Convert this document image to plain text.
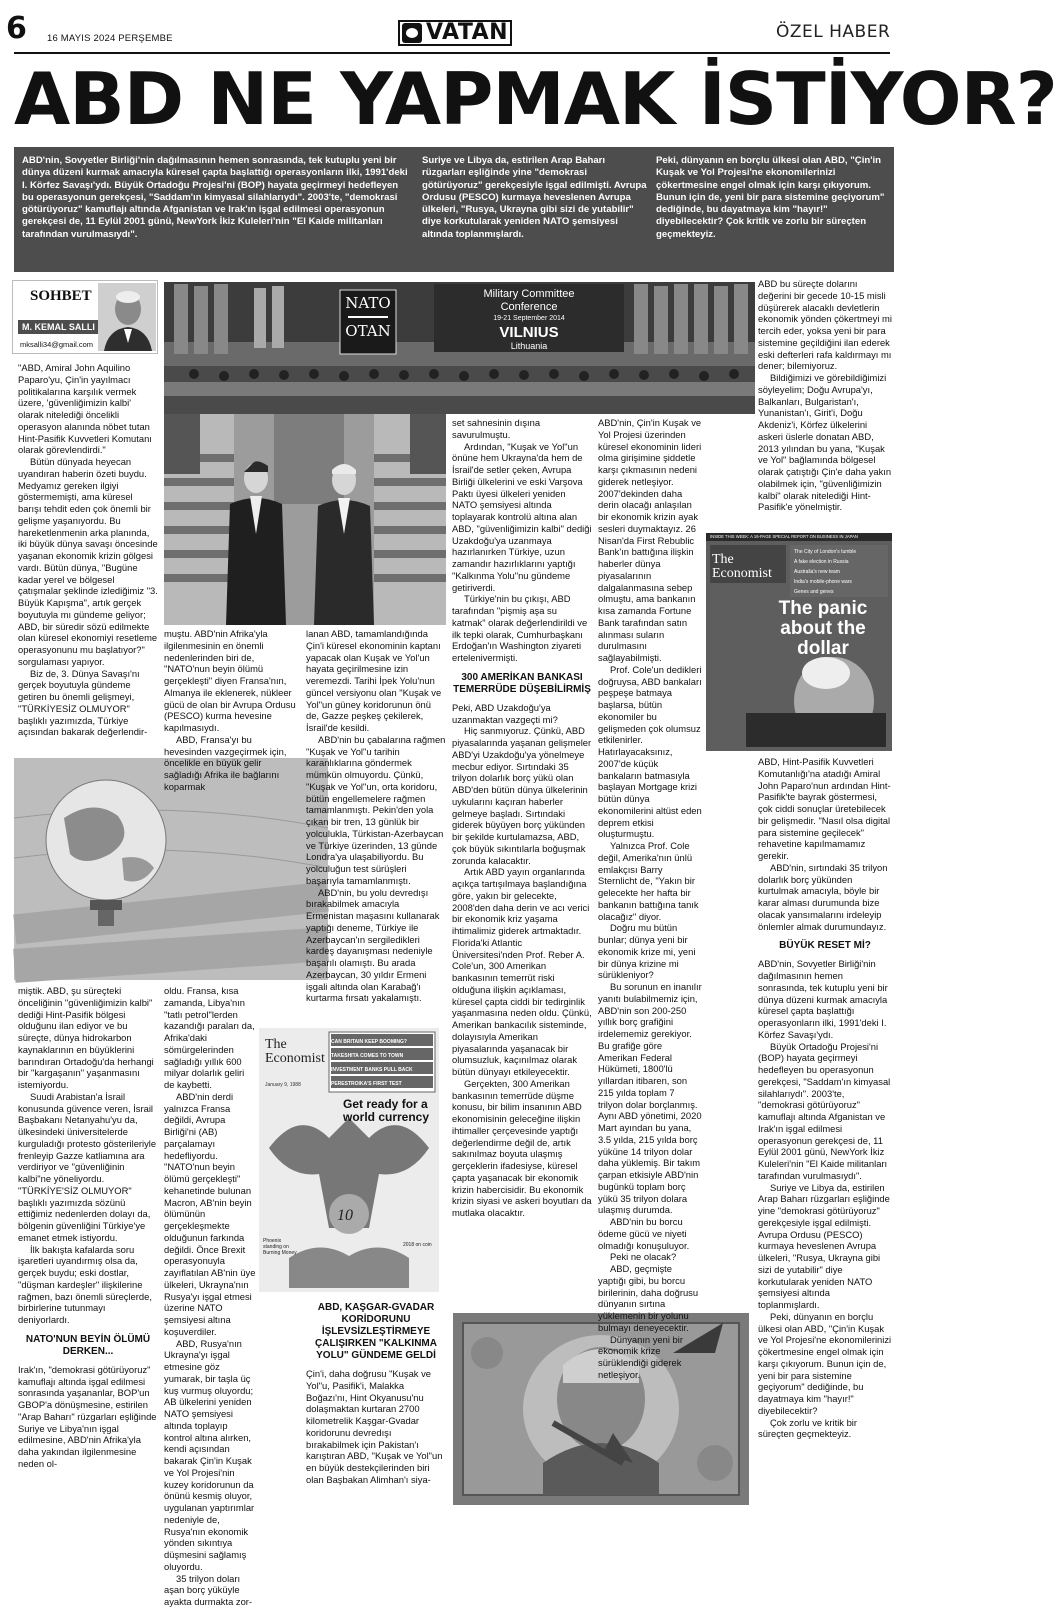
6 16 MAYIS 2024 PERŞEMBE	VATAN	ÖZEL HABER
ABD NE YAPMAK İSTİYOR?
ABD'nin, Sovyetler Birliği'nin dağılmasının hemen sonrasında, tek kutuplu yeni bir dünya düzeni kurmak amacıyla küresel çapta başlattığı operasyonların ilki, 1991'deki I. Körfez Savaşı'ydı. Büyük Ortadoğu Projesi'ni (BOP) hayata geçirmeyi hedefleyen bu operasyonun gerekçesi, "Saddam'ın kimyasal silahlarıydı". 2003'te, "demokrasi götürüyoruz" kamuflajı altında Afganistan ve Irak'ın işgal edilmesi operasyonun gerekçesi de, 11 Eylül 2001 günü, NewYork İkiz Kuleleri'nin "El Kaide militanları tarafından vurulmasıydı".
Suriye ve Libya da, estirilen Arap Baharı rüzgarları eşliğinde yine "demokrasi götürüyoruz" gerekçesiyle işgal edilmişti. Avrupa Ordusu (PESCO) kurmaya heveslenen Avrupa ülkeleri, "Rusya, Ukrayna gibi sizi de yutabilir" diye korkutularak yeniden NATO şemsiyesi altında toplanmışlardı.
Peki, dünyanın en borçlu ülkesi olan ABD, "Çin'in Kuşak ve Yol Projesi'ne ekonomilerinizi çökertmesine engel olmak için karşı çıkıyorum. Bunun için de, yeni bir para sistemine geçiyorum" dediğinde, bu dayatmaya kim "hayır!" diyebilecektir? Çok kritik ve zorlu bir süreçten geçmekteyiz.
SOHBET
M. KEMAL SALLI
mksalli34@gmail.com
NATO
OTAN
Military Committee
Conference
19-21 September 2014
VILNIUS
Lithuania
INSIDE THIS WEEK: A 16-PAGE SPECIAL REPORT ON BUSINESS IN JAPAN
The Economist
The City of London's tumble
A fake election in Russia
Australia's new team
India's mobile-phone wars
Genes and genes
The panic about the dollar
10
The Economist
January 9, 1988
CAN BRITAIN KEEP BOOMING?
TAKESHITA COMES TO TOWN
INVESTMENT BANKS PULL BACK
PERESTROIKA'S FIRST TEST
Get ready for a world currency
Phoenix standing on Burning Money
2018 on coin

"ABD, Amiral John Aquilino Paparo'yu, Çin'in yayılmacı politikalarına karşılık vermek üzere, 'güvenliğimizin kalbi' olarak nitelediği öncelikli operasyon alanında nöbet tutan Hint-Pasifik Kuvvetleri Komutanı olarak görevlendirdi."

Bütün dünyada heyecan uyandıran haberin özeti buydu. Medyamız gereken ilgiyi göstermemişti, ama küresel barışı tehdit eden çok önemli bir gelişme yaşanıyordu. Bu hareketlenmenin arka planında, iki büyük dünya savaşı öncesinde yaşanan ekonomik krizin gölgesi vardı. Bütün dünya, "Bugüne kadar yerel ve bölgesel çatışmalar şeklinde izlediğimiz "3. Büyük Kapışma", artık gerçek boyutuyla mı gündeme geliyor; ABD, bir süredir sözü edilmekte olan küresel ekonomiyi resetleme operasyonunu mu başlatıyor?" sorgulaması yapıyor.

Biz de, 3. Dünya Savaşı'nı gerçek boyutuyla gündeme getiren bu önemli gelişmeyi, "TÜRKİYESİZ OLMUYOR" başlıklı yazımızda, Türkiye açısından bakarak değerlendir-

miştik. ABD, şu süreçteki önceliğinin "güvenliğimizin kalbi" dediği Hint-Pasifik bölgesi olduğunu ilan ediyor ve bu süreçte, dünya hidrokarbon kaynaklarının en büyüklerini barındıran Ortadoğu'da herhangi bir "kargaşanın" yaşanmasını istemiyordu.

Suudi Arabistan'a İsrail konusunda güvence veren, İsrail Başbakanı Netanyahu'yu da, ülkesindeki üniversitelerde kurguladığı protesto gösterileriyle frenleyip Gazze katliamına ara verdiriyor ve "güvenliğinin kalbi"ne yöneliyordu. "TÜRKİYE'SİZ OLMUYOR" başlıklı yazımızda sözünü ettiğimiz nedenlerden dolayı da, bölgenin güvenliğini Türkiye'ye emanet etmek istiyordu.

İlk bakışta kafalarda soru işaretleri uyandırmış olsa da, gerçek buydu; eski dostlar, "düşman kardeşler" ilişkilerine rağmen, bazı önemli süreçlerde, birbirlerine tutunmayı deniyorlardı.

NATO'NUN BEYİN ÖLÜMÜ DERKEN...

Irak'ın, "demokrasi götürüyoruz" kamuflajı altında işgal edilmesi sonrasında yaşananlar, BOP'un GBOP'a dönüşmesine, estirilen "Arap Baharı" rüzgarları eşliğinde Suriye ve Libya'nın işgal edilmesine, ABD'nin Afrika'yla daha yakından ilgilenmesine neden ol-

muştu. ABD'nin Afrika'yla ilgilenmesinin en önemli nedenlerinden biri de, "NATO'nun beyin ölümü gerçekleşti" diyen Fransa'nın, Almanya ile eklenerek, nükleer gücü de olan bir Avrupa Ordusu (PESCO) kurma hevesine kapılmasıydı.

ABD, Fransa'yı bu hevesinden vazgeçirmek için, öncelikle en büyük gelir sağladığı Afrika ile bağlarını koparmak

oldu. Fransa, kısa zamanda, Libya'nın "tatlı petrol"lerden kazandığı paraları da, Afrika'daki sömürgelerinden sağladığı yıllık 600 milyar dolarlık geliri de kaybetti.

ABD'nin derdi yalnızca Fransa değildi, Avrupa Birliği'ni (AB) parçalamayı hedefliyordu. "NATO'nun beyin ölümü gerçekleşti" kehanetinde bulunan Macron, AB'nin beyin ölümünün gerçekleşmekte olduğunun farkında değildi. Önce Brexit operasyonuyla zayıflatılan AB'nin üye ülkeleri, Ukrayna'nın Rusya'yı işgal etmesi üzerine NATO şemsiyesi altına koşuverdiler.

ABD, Rusya'nın Ukrayna'yı işgal etmesine göz yumarak, bir taşla üç kuş vurmuş oluyordu; AB ülkelerini yeniden NATO şemsiyesi altında toplayıp kontrol altına alırken, kendi açısından bakarak Çin'in Kuşak ve Yol Projesi'nin kuzey koridorunun da önünü kesmiş oluyor, uygulanan yaptırımlar nedeniyle de, Rusya'nın ekonomik yönden sıkıntıya düşmesini sağlamış oluyordu.

35 trilyon doları aşan borç yüküyle ayakta durmakta zor-

lanan ABD, tamamlandığında Çin'i küresel ekonominin kaptanı yapacak olan Kuşak ve Yol'un hayata geçirilmesine izin veremezdi. Tarihi İpek Yolu'nun güncel versiyonu olan "Kuşak ve Yol"un güney koridorunun önü de, Gazze peşkeş çekilerek, İsrail'de kesildi.

ABD'nin bu çabalarına rağmen "Kuşak ve Yol"u tarihin karanlıklarına göndermek mümkün olmuyordu. Çünkü, "Kuşak ve Yol"un, orta koridoru, bütün engellemelere rağmen tamamlanmıştı. Pekin'den yola çıkan bir tren, 13 günlük bir yolculukla, Türkistan-Azerbaycan ve Türkiye üzerinden, 13 günde Londra'ya ulaşabiliyordu. Bu yolculuğun test sürüşleri başarıyla tamamlanmıştı.

ABD'nin, bu yolu devredışı bırakabilmek amacıyla Ermenistan maşasını kullanarak yaptığı deneme, Türkiye ile Azerbaycan'ın sergiledikleri kardeş dayanışması nedeniyle başarılı olamıştı. Bu arada Azerbaycan, 30 yıldır Ermeni işgali altında olan Karabağ'ı kurtarma fırsatı yakalamıştı.

ABD, KAŞGAR-GVADAR KORİDORUNU İŞLEVSİZLEŞTİRMEYE ÇALIŞIRKEN "KALKINMA YOLU" GÜNDEME GELDİ

Çin'i, daha doğrusu "Kuşak ve Yol"u, Pasifik'i, Malakka Boğazı'nı, Hint Okyanusu'nu dolaşmaktan kurtaran 2700 kilometrelik Kaşgar-Gvadar koridorunu devredışı bırakabilmek için Pakistan'ı karıştıran ABD, "Kuşak ve Yol"un en büyük destekçilerinden biri olan Başbakan Alimhan'ı siya-

set sahnesinin dışına savurulmuştu.

Ardından, "Kuşak ve Yol"un önüne hem Ukrayna'da hem de İsrail'de setler çeken, Avrupa Birliği ülkelerini ve eski Varşova Paktı üyesi ülkeleri yeniden NATO şemsiyesi altında toplayarak kontrolü altına alan ABD, "güvenliğimizin kalbi" dediği Uzakdoğu'ya uzanmaya hazırlanırken Türkiye, uzun zamandır hazırlıklarını yaptığı "Kalkınma Yolu"nu gündeme getiriverdi.

Türkiye'nin bu çıkışı, ABD tarafından "pişmiş aşa su katmak" olarak değerlendirildi ve ilk tepki olarak, Cumhurbaşkanı Erdoğan'ın Washington ziyareti ertelenivermişti.

300 AMERİKAN BANKASI TEMERRÜDE DÜŞEBİLİRMİŞ

Peki, ABD Uzakdoğu'ya uzanmaktan vazgeçti mi?

Hiç sanmıyoruz. Çünkü, ABD piyasalarında yaşanan gelişmeler ABD'yi Uzakdoğu'ya yönelmeye mecbur ediyor. Sırtındaki 35 trilyon dolarlık borç yükü olan ABD'den bütün dünya ülkelerinin uykularını kaçıran haberler gelmeye başladı. Sırtındaki giderek büyüyen borç yükünden bir şekilde kurtulamazsa, ABD, çok büyük sıkıntılarla boğuşmak zorunda kalacaktır.

Artık ABD yayın organlarında açıkça tartışılmaya başlandığına göre, yakın bir gelecekte, 2008'den daha derin ve acı verici bir ekonomik kriz yaşama ihtimalimiz giderek artmaktadır. Florida'ki Atlantic Üniversitesi'nden Prof. Reber A. Cole'un, 300 Amerikan bankasının temerrüt riski olduğuna ilişkin açıklaması, küresel çapta ciddi bir tedirginlik yaşanmasına neden oldu. Çünkü, Amerikan bankacılık sisteminde, dolayısıyla Amerikan piyasalarında yaşanacak bir olumsuzluk, kaçınılmaz olarak bütün dünyayı etkileyecektir.

Gerçekten, 300 Amerikan bankasının temerrüde düşme konusu, bir bilim insanının ABD ekonomisinin geleceğine ilişkin ihtimaller çerçevesinde yaptığı değerlendirme değil de, artık sakınılmaz boyuta ulaşmış gerçeklerin ifadesiyse, küresel çapta yaşanacak bir ekonomik krizin habercisidir. Bu ekonomik krizin siyasi ve askeri boyutları da mutlaka olacaktır.

ABD'nin, Çin'in Kuşak ve Yol Projesi üzerinden küresel ekonominin lideri olma girişimine şiddetle karşı çıkmasının nedeni giderek netleşiyor. 2007'dekinden daha derin olacağı anlaşılan bir ekonomik krizin ayak sesleri duymaktayız. 26 Nisan'da First Rebublic Bank'ın battığına ilişkin haberler dünya piyasalarının dalgalanmasına sebep olmuştu, ama bankanın kısa zamanda Fortune Bank tarafından satın alınması suların durulmasını sağlayabilmişti.

Prof. Cole'un dedikleri doğruysa, ABD bankaları peşpeşe batmaya başlarsa, bütün ekonomiler bu gelişmeden çok olumsuz etkilenirler. Hatırlayacaksınız, 2007'de küçük bankaların batmasıyla başlayan Mortgage krizi bütün dünya ekonomilerini altüst eden deprem etkisi oluşturmuştu.

Yalnızca Prof. Cole değil, Amerika'nın ünlü emlakçısı Barry Sternlicht de, "Yakın bir gelecekte her hafta bir bankanın battığına tanık olacağız" diyor.

Doğru mu bütün bunlar; dünya yeni bir ekonomik krize mi, yeni bir dünya krizine mi sürükleniyor?

Bu sorunun en inanılır yanıtı bulabilmemiz için, ABD'nin son 200-250 yıllık borç grafiğini irdelememiz gerekiyor. Bu grafiğe göre Amerikan Federal Hükümeti, 1800'lü yıllardan itibaren, son 215 yılda toplam 7 trilyon dolar borçlanmış. Aynı ABD yönetimi, 2020 Mart ayından bu yana, 3.5 yılda, 215 yılda borç yüküne 14 trilyon dolar daha yüklemiş. Bir takım çarpan etkisiyle ABD'nin bugünkü toplam borç yükü 35 trilyon dolara ulaşmış durumda.

ABD'nin bu borcu ödeme gücü ve niyeti olmadığı konuşuluyor.

Peki ne olacak?

ABD, geçmişte yaptığı gibi, bu borcu birilerinin, daha doğrusu dünyanın sırtına yüklemenin bir yolunu bulmayı deneyecektir.

Dünyanın yeni bir ekonomik krize sürüklendiği giderek netleşiyor.

ABD bu süreçte dolarını değerini bir gecede 10-15 misli düşürerek alacaklı devletlerin ekonomik yönden çökertmeyi mi tercih eder, yoksa yeni bir para sistemine geçildiğini ilan ederek eski defterleri rafa kaldırmayı mı dener; bilemiyoruz.

Bildiğimizi ve görebildiğimizi söyleyelim; Doğu Avrupa'yı, Balkanları, Bulgaristan'ı, Yunanistan'ı, Girit'i, Doğu Akdeniz'i, Körfez ülkelerini askeri üslerle donatan ABD, 2013 yılından bu yana, "Kuşak ve Yol" bağlamında bölgesel olarak çatıştığı Çin'e daha yakın olabilmek için, "güvenliğimizin kalbi" olarak nitelediği Hint-Pasifik'e yönelmiştir.

ABD, Hint-Pasifik Kuvvetleri Komutanlığı'na atadığı Amiral John Paparo'nun ardından Hint-Pasifik'te bayrak göstermesi, çok ciddi sonuçlar üretebilecek bir gelişmedir. "Nasıl olsa digital para sistemine geçilecek" rehavetine kapılmamamız gerekir.

ABD'nin, sırtındaki 35 trilyon dolarlık borç yükünden kurtulmak amacıyla, böyle bir karar alması durumunda bize olacak yansımalarını irdeleyip önlemler almak durumundayız.

BÜYÜK RESET Mİ?

ABD'nin, Sovyetler Birliği'nin dağılmasının hemen sonrasında, tek kutuplu yeni bir dünya düzeni kurmak amacıyla küresel çapta başlattığı operasyonların ilki, 1991'deki I. Körfez Savaşı'ydı.

Büyük Ortadoğu Projesi'ni (BOP) hayata geçirmeyi hedefleyen bu operasyonun gerekçesi, "Saddam'ın kimyasal silahlarıydı". 2003'te, "demokrasi götürüyoruz" kamuflajı altında Afganistan ve Irak'ın işgal edilmesi operasyonun gerekçesi de, 11 Eylül 2001 günü, NewYork İkiz Kuleleri'nin "El Kaide militanları tarafından vurulmasıydı".

Suriye ve Libya da, estirilen Arap Baharı rüzgarları eşliğinde yine "demokrasi götürüyoruz" gerekçesiyle işgal edilmişti. Avrupa Ordusu (PESCO) kurmaya heveslenen Avrupa ülkeleri, "Rusya, Ukrayna gibi sizi de yutabilir" diye korkutularak yeniden NATO şemsiyesi altında toplanmışlardı.

Peki, dünyanın en borçlu ülkesi olan ABD, "Çin'in Kuşak ve Yol Projesi'ne ekonomilerinizi çökertmesine engel olmak için karşı çıkıyorum. Bunun için de, yeni bir para sistemine geçiyorum" dediğinde, bu dayatmaya kim "hayır!" diyebilecektir?

Çok zorlu ve kritik bir süreçten geçmekteyiz.
